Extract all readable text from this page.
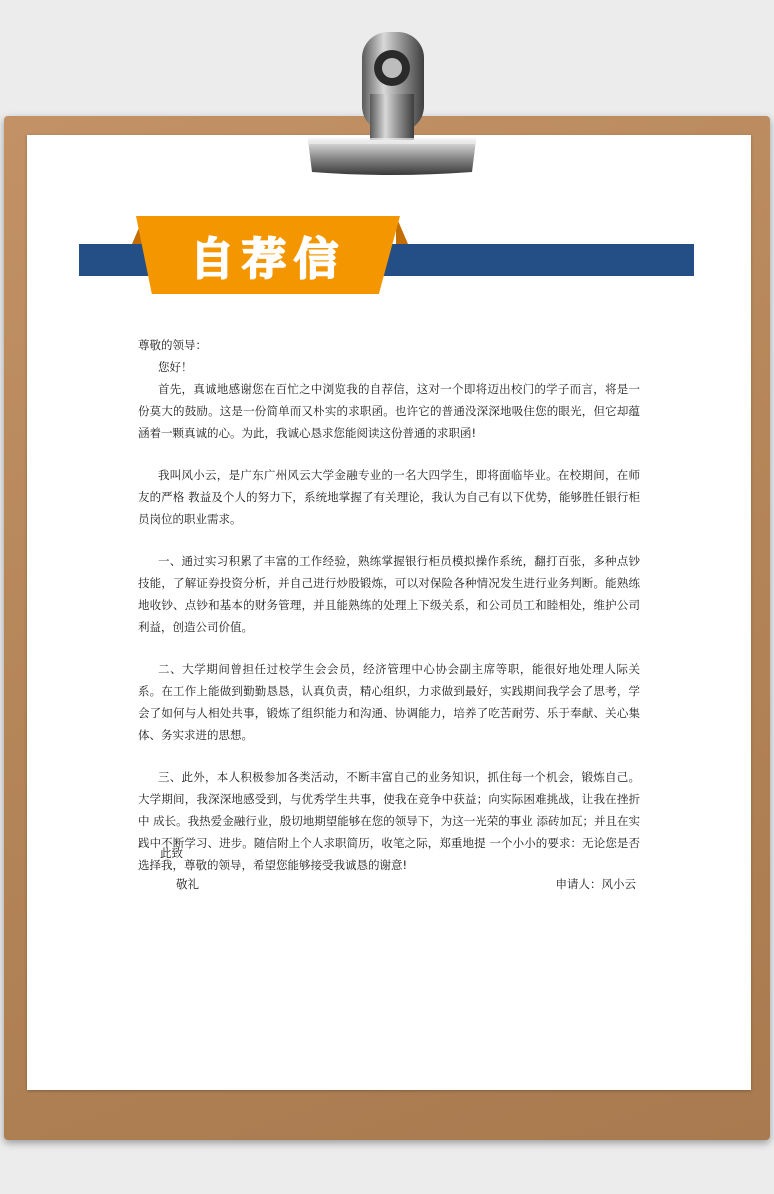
自荐信

尊敬的领导：

您好！

首先，真诚地感谢您在百忙之中浏览我的自荐信，这对一个即将迈出校门的学子而言，将是一份莫大的鼓励。这是一份简单而又朴实的求职函。也许它的普通没深深地吸住您的眼光，但它却蕴涵着一颗真诚的心。为此，我诚心恳求您能阅读这份普通的求职函!

我叫风小云，是广东广州风云大学金融专业的一名大四学生，即将面临毕业。在校期间，在师友的严格 教益及个人的努力下，系统地掌握了有关理论，我认为自己有以下优势，能够胜任银行柜员岗位的职业需求。

一、通过实习积累了丰富的工作经验，熟练掌握银行柜员模拟操作系统，翻打百张，多种点钞技能，了解证券投资分析，并自己进行炒股锻炼，可以对保险各种情况发生进行业务判断。能熟练地收钞、点钞和基本的财务管理，并且能熟练的处理上下级关系，和公司员工和睦相处，维护公司利益，创造公司价值。

二、大学期间曾担任过校学生会会员，经济管理中心协会副主席等职，能很好地处理人际关系。在工作上能做到勤勤恳恳，认真负责，精心组织，力求做到最好，实践期间我学会了思考，学会了如何与人相处共事，锻炼了组织能力和沟通、协调能力，培养了吃苦耐劳、乐于奉献、关心集体、务实求进的思想。

三、此外，本人积极参加各类活动，不断丰富自己的业务知识，抓住每一个机会，锻炼自己。大学期间，我深深地感受到，与优秀学生共事，使我在竞争中获益；向实际困难挑战，让我在挫折中 成长。我热爱金融行业，殷切地期望能够在您的领导下，为这一光荣的事业 添砖加瓦；并且在实践中不断学习、进步。随信附上个人求职简历，收笔之际，郑重地提 一个小小的要求：无论您是否选择我，尊敬的领导，希望您能够接受我诚恳的谢意!

此致
敬礼	申请人：风小云
